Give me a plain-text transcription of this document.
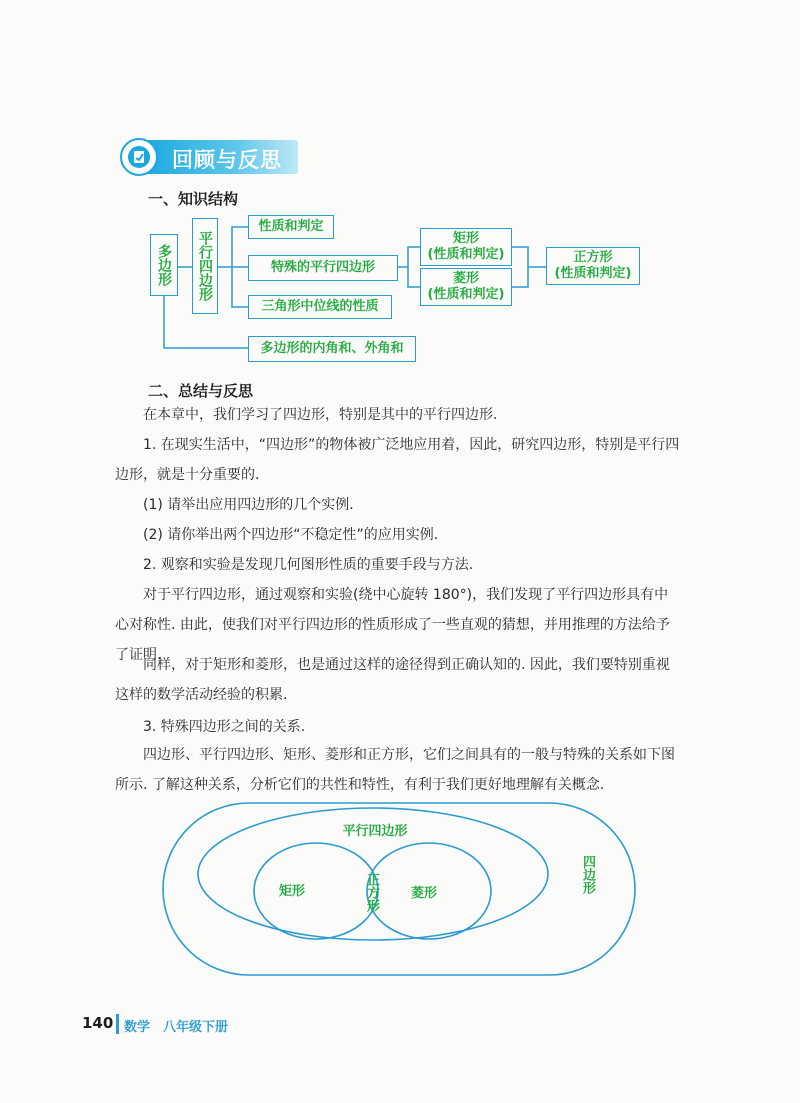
回顾与反思
一、知识结构
多边形 平行四边形
性质和判定
特殊的平行四边形
三角形中位线的性质
多边形的内角和、外角和
矩形
(性质和判定)
菱形
(性质和判定)
正方形
(性质和判定)
二、总结与反思
在本章中，我们学习了四边形，特别是其中的平行四边形.
1. 在现实生活中，“四边形”的物体被广泛地应用着，因此，研究四边形，特别是平行四边形，就是十分重要的.
(1) 请举出应用四边形的几个实例.
(2) 请你举出两个四边形“不稳定性”的应用实例.
2. 观察和实验是发现几何图形性质的重要手段与方法.
对于平行四边形，通过观察和实验(绕中心旋转 180°)，我们发现了平行四边形具有中心对称性. 由此，使我们对平行四边形的性质形成了一些直观的猜想，并用推理的方法给予了证明.
同样，对于矩形和菱形，也是通过这样的途径得到正确认知的. 因此，我们要特别重视这样的数学活动经验的积累.
3. 特殊四边形之间的关系.
四边形、平行四边形、矩形、菱形和正方形，它们之间具有的一般与特殊的关系如下图所示. 了解这种关系，分析它们的共性和特性，有利于我们更好地理解有关概念.
平行四边形
矩形	菱形
正方形	四边形
140 数学　八年级下册
